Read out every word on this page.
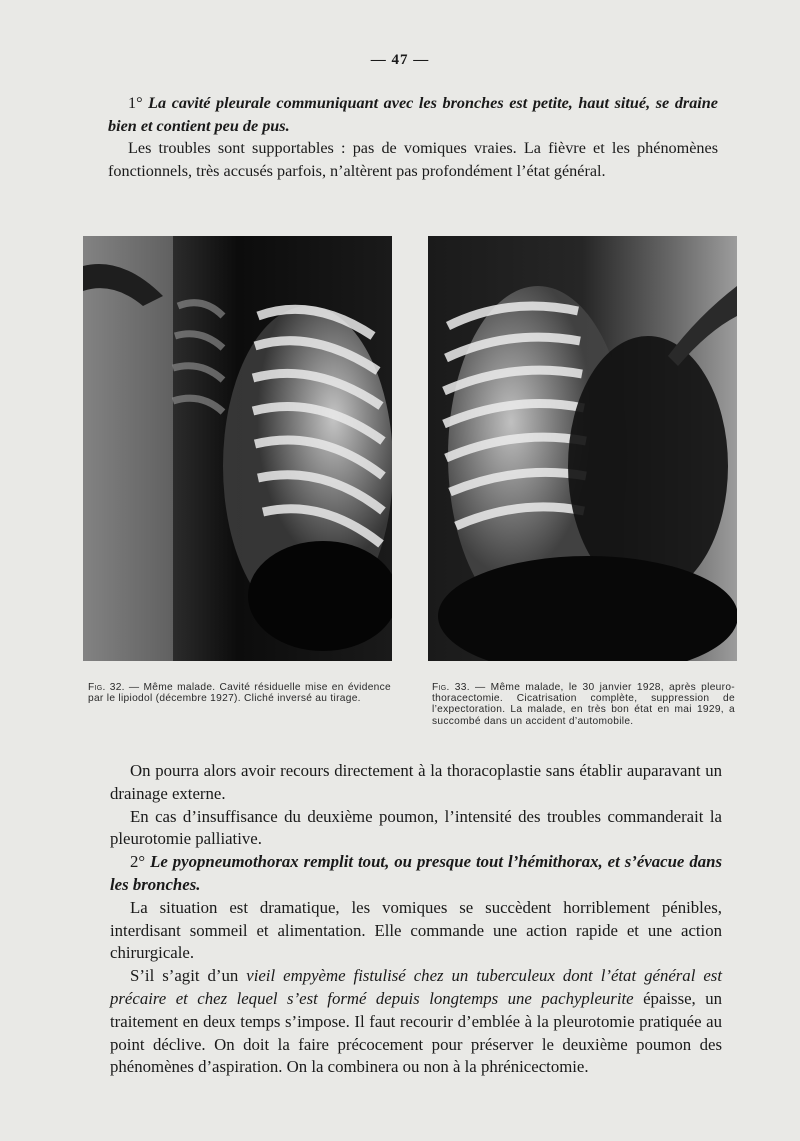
— 47 —

1° La cavité pleurale communiquant avec les bronches est petite, haut situé, se draine bien et contient peu de pus.

Les troubles sont supportables : pas de vomiques vraies. La fièvre et les phénomènes fonctionnels, très accusés parfois, n’altèrent pas profondément l’état général.

Fig. 32. — Même malade. Cavité résiduelle mise en évidence par le lipiodol (décembre 1927). Cliché inversé au tirage.
Fig. 33. — Même malade, le 30 janvier 1928, après pleuro-thoracectomie. Cicatrisation complète, suppression de l’expectoration. La malade, en très bon état en mai 1929, a succombé dans un accident d’automobile.

On pourra alors avoir recours directement à la thoracoplastie sans établir auparavant un drainage externe.

En cas d’insuffisance du deuxième poumon, l’intensité des troubles commanderait la pleurotomie palliative.

2° Le pyopneumothorax remplit tout, ou presque tout l’hémithorax, et s’évacue dans les bronches.

La situation est dramatique, les vomiques se succèdent horriblement pénibles, interdisant sommeil et alimentation. Elle commande une action rapide et une action chirurgicale.

S’il s’agit d’un vieil empyème fistulisé chez un tuberculeux dont l’état général est précaire et chez lequel s’est formé depuis longtemps une pachypleurite épaisse, un traitement en deux temps s’impose. Il faut recourir d’emblée à la pleurotomie pratiquée au point déclive. On doit la faire précocement pour préserver le deuxième poumon des phénomènes d’aspiration. On la combinera ou non à la phrénicectomie.
